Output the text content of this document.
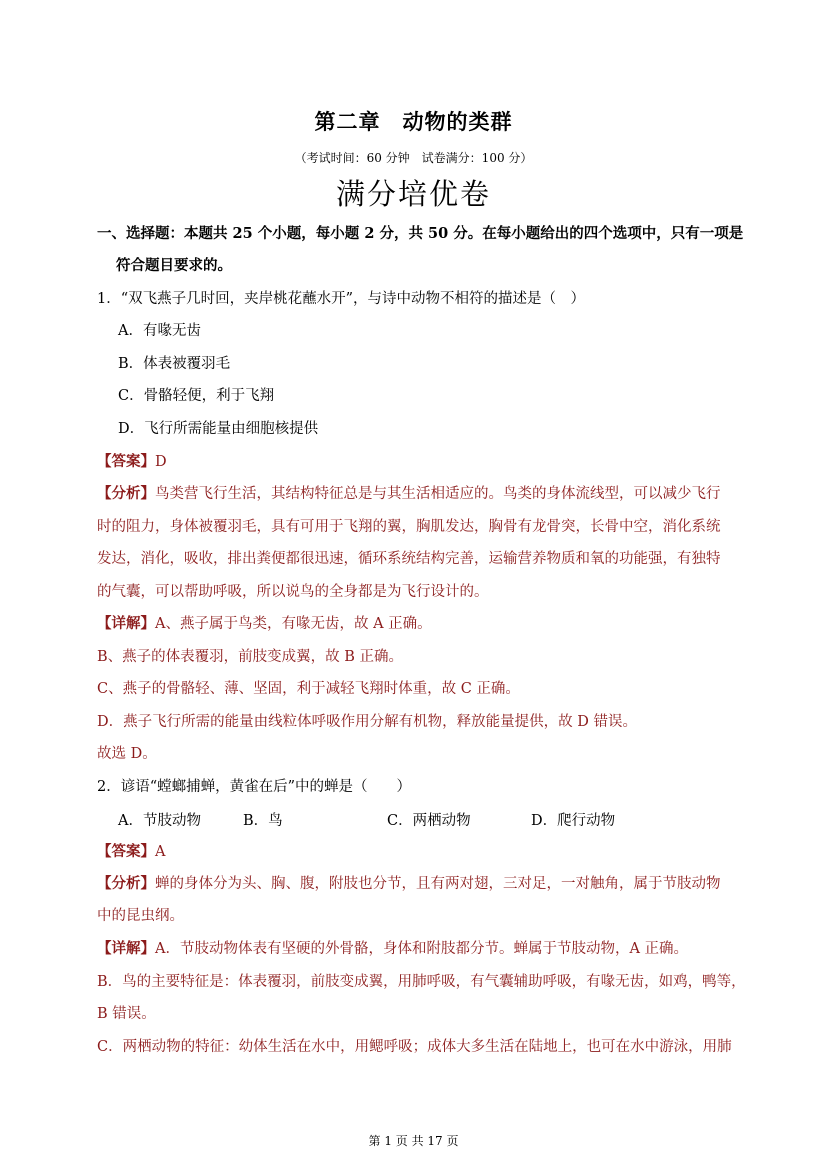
第二章　动物的类群
（考试时间：60 分钟　试卷满分：100 分）
满分培优卷
一、选择题：本题共 25 个小题，每小题 2 分，共 50 分。在每小题给出的四个选项中，只有一项是
符合题目要求的。
1．“双飞燕子几时回，夹岸桃花蘸水开”，与诗中动物不相符的描述是（　）
A．有喙无齿
B．体表被覆羽毛
C．骨骼轻便，利于飞翔
D．飞行所需能量由细胞核提供
【答案】D
【分析】鸟类营飞行生活，其结构特征总是与其生活相适应的。鸟类的身体流线型，可以减少飞行
时的阻力，身体被覆羽毛，具有可用于飞翔的翼，胸肌发达，胸骨有龙骨突，长骨中空，消化系统
发达，消化，吸收，排出粪便都很迅速，循环系统结构完善，运输营养物质和氧的功能强，有独特
的气囊，可以帮助呼吸，所以说鸟的全身都是为飞行设计的。
【详解】A、燕子属于鸟类，有喙无齿，故 A 正确。
B、燕子的体表覆羽，前肢变成翼，故 B 正确。
C、燕子的骨骼轻、薄、坚固，利于减轻飞翔时体重，故 C 正确。
D．燕子飞行所需的能量由线粒体呼吸作用分解有机物，释放能量提供，故 D 错误。
故选 D。
2．谚语“螳螂捕蝉，黄雀在后”中的蝉是（　　）
A．节肢动物	B．鸟	C．两栖动物	D．爬行动物
【答案】A
【分析】蝉的身体分为头、胸、腹，附肢也分节，且有两对翅，三对足，一对触角，属于节肢动物
中的昆虫纲。
【详解】A．节肢动物体表有坚硬的外骨骼，身体和附肢都分节。蝉属于节肢动物，A 正确。
B．鸟的主要特征是：体表覆羽，前肢变成翼，用肺呼吸，有气囊辅助呼吸，有喙无齿，如鸡，鸭等，
B 错误。
C．两栖动物的特征：幼体生活在水中，用鳃呼吸；成体大多生活在陆地上，也可在水中游泳，用肺
第 1 页 共 17 页
